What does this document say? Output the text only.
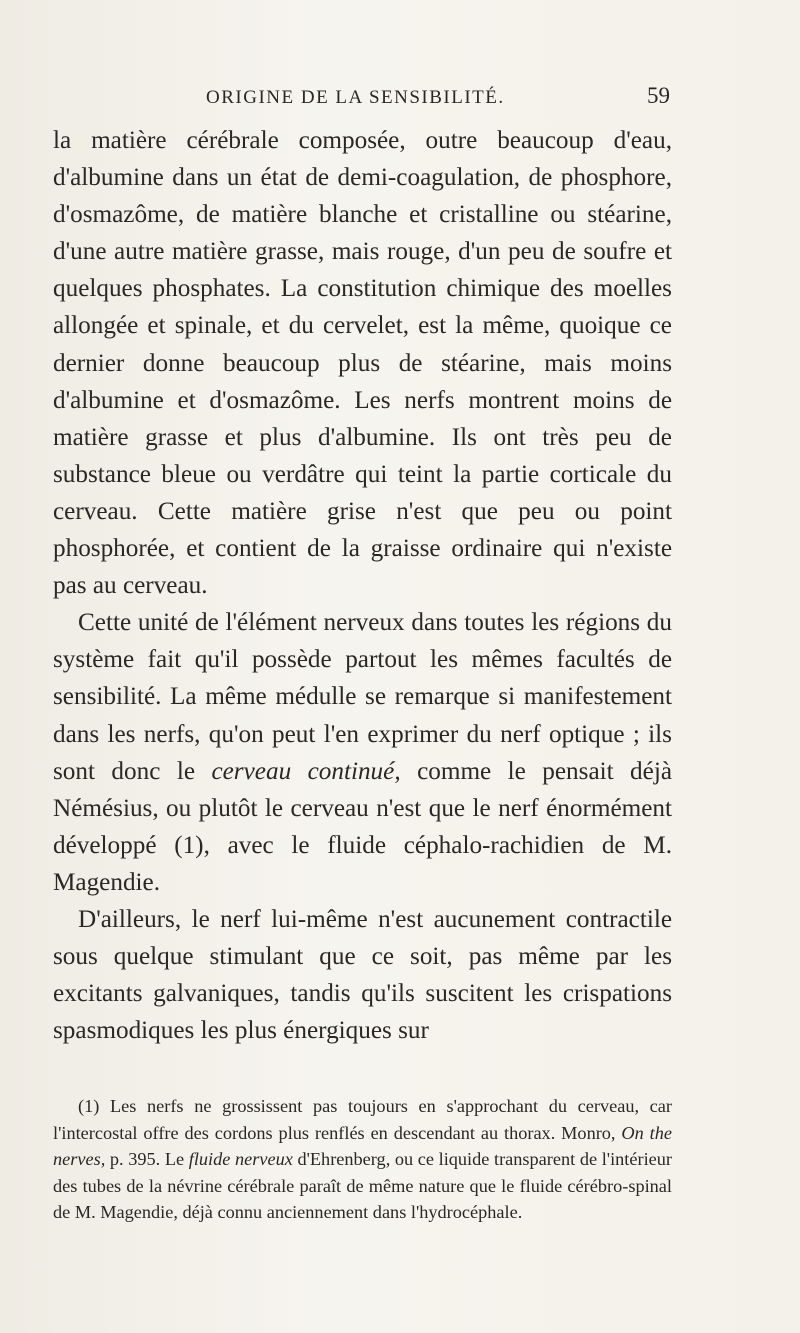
ORIGINE DE LA SENSIBILITÉ.	59

la matière cérébrale composée, outre beaucoup d'eau, d'albumine dans un état de demi-coagulation, de phosphore, d'osmazôme, de matière blanche et cristalline ou stéarine, d'une autre matière grasse, mais rouge, d'un peu de soufre et quelques phosphates. La constitution chimique des moelles allongée et spinale, et du cervelet, est la même, quoique ce dernier donne beaucoup plus de stéarine, mais moins d'albumine et d'osmazôme. Les nerfs montrent moins de matière grasse et plus d'albumine. Ils ont très peu de substance bleue ou verdâtre qui teint la partie corticale du cerveau. Cette matière grise n'est que peu ou point phosphorée, et contient de la graisse ordinaire qui n'existe pas au cerveau.

Cette unité de l'élément nerveux dans toutes les régions du système fait qu'il possède partout les mêmes facultés de sensibilité. La même médulle se remarque si manifestement dans les nerfs, qu'on peut l'en exprimer du nerf optique ; ils sont donc le cerveau continué, comme le pensait déjà Némésius, ou plutôt le cerveau n'est que le nerf énormément développé (1), avec le fluide céphalo-rachidien de M. Magendie.

D'ailleurs, le nerf lui-même n'est aucunement contractile sous quelque stimulant que ce soit, pas même par les excitants galvaniques, tandis qu'ils suscitent les crispations spasmodiques les plus énergiques sur

(1) Les nerfs ne grossissent pas toujours en s'approchant du cerveau, car l'intercostal offre des cordons plus renflés en descendant au thorax. Monro, On the nerves, p. 395. Le fluide nerveux d'Ehrenberg, ou ce liquide transparent de l'intérieur des tubes de la névrine cérébrale paraît de même nature que le fluide cérébro-spinal de M. Magendie, déjà connu anciennement dans l'hydrocéphale.
